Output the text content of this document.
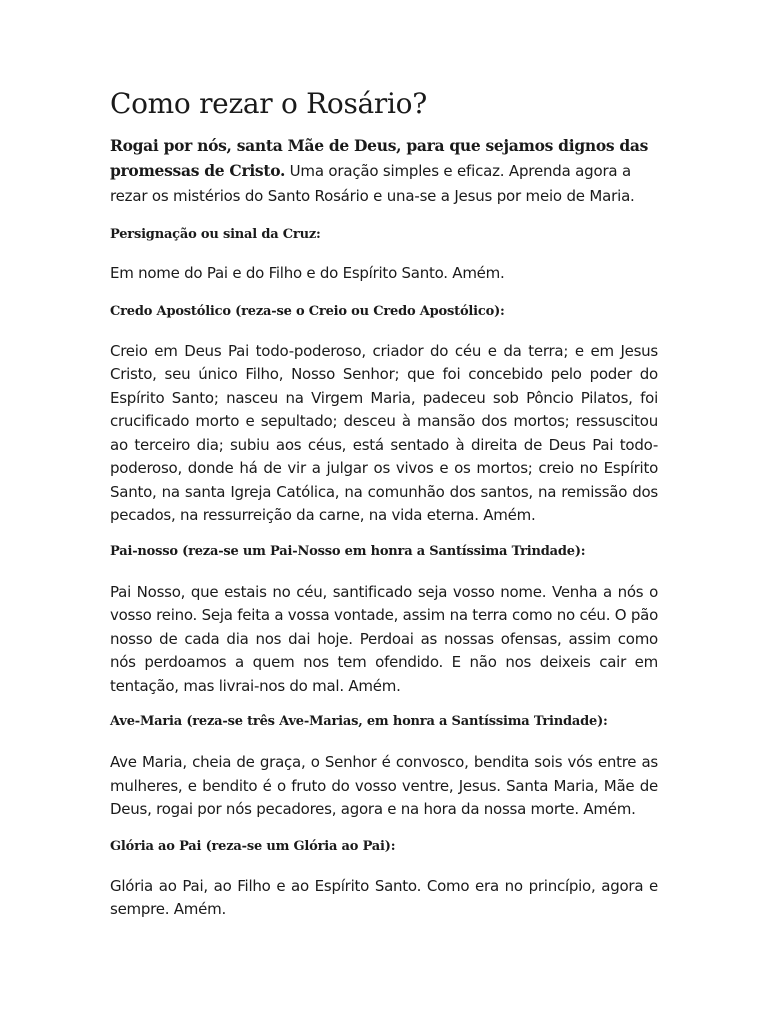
Como rezar o Rosário?

Rogai por nós, santa Mãe de Deus, para que sejamos dignos das promessas de Cristo. Uma oração simples e eficaz. Aprenda agora a rezar os mistérios do Santo Rosário e una-se a Jesus por meio de Maria.

Persignação ou sinal da Cruz:

Em nome do Pai e do Filho e do Espírito Santo. Amém.

Credo Apostólico (reza-se o Creio ou Credo Apostólico):

Creio em Deus Pai todo-poderoso, criador do céu e da terra; e em Jesus Cristo, seu único Filho, Nosso Senhor; que foi concebido pelo poder do Espírito Santo; nasceu na Virgem Maria, padeceu sob Pôncio Pilatos, foi crucificado morto e sepultado; desceu à mansão dos mortos; ressuscitou ao terceiro dia; subiu aos céus, está sentado à direita de Deus Pai todo-poderoso, donde há de vir a julgar os vivos e os mortos; creio no Espírito Santo, na santa Igreja Católica, na comunhão dos santos, na remissão dos pecados, na ressurreição da carne, na vida eterna. Amém.

Pai-nosso (reza-se um Pai-Nosso em honra a Santíssima Trindade):

Pai Nosso, que estais no céu, santificado seja vosso nome. Venha a nós o vosso reino. Seja feita a vossa vontade, assim na terra como no céu. O pão nosso de cada dia nos dai hoje. Perdoai as nossas ofensas, assim como nós perdoamos a quem nos tem ofendido. E não nos deixeis cair em tentação, mas livrai-nos do mal. Amém.

Ave-Maria (reza-se três Ave-Marias, em honra a Santíssima Trindade):

Ave Maria, cheia de graça, o Senhor é convosco, bendita sois vós entre as mulheres, e bendito é o fruto do vosso ventre, Jesus. Santa Maria, Mãe de Deus, rogai por nós pecadores, agora e na hora da nossa morte. Amém.

Glória ao Pai (reza-se um Glória ao Pai):

Glória ao Pai, ao Filho e ao Espírito Santo. Como era no princípio, agora e sempre. Amém.
